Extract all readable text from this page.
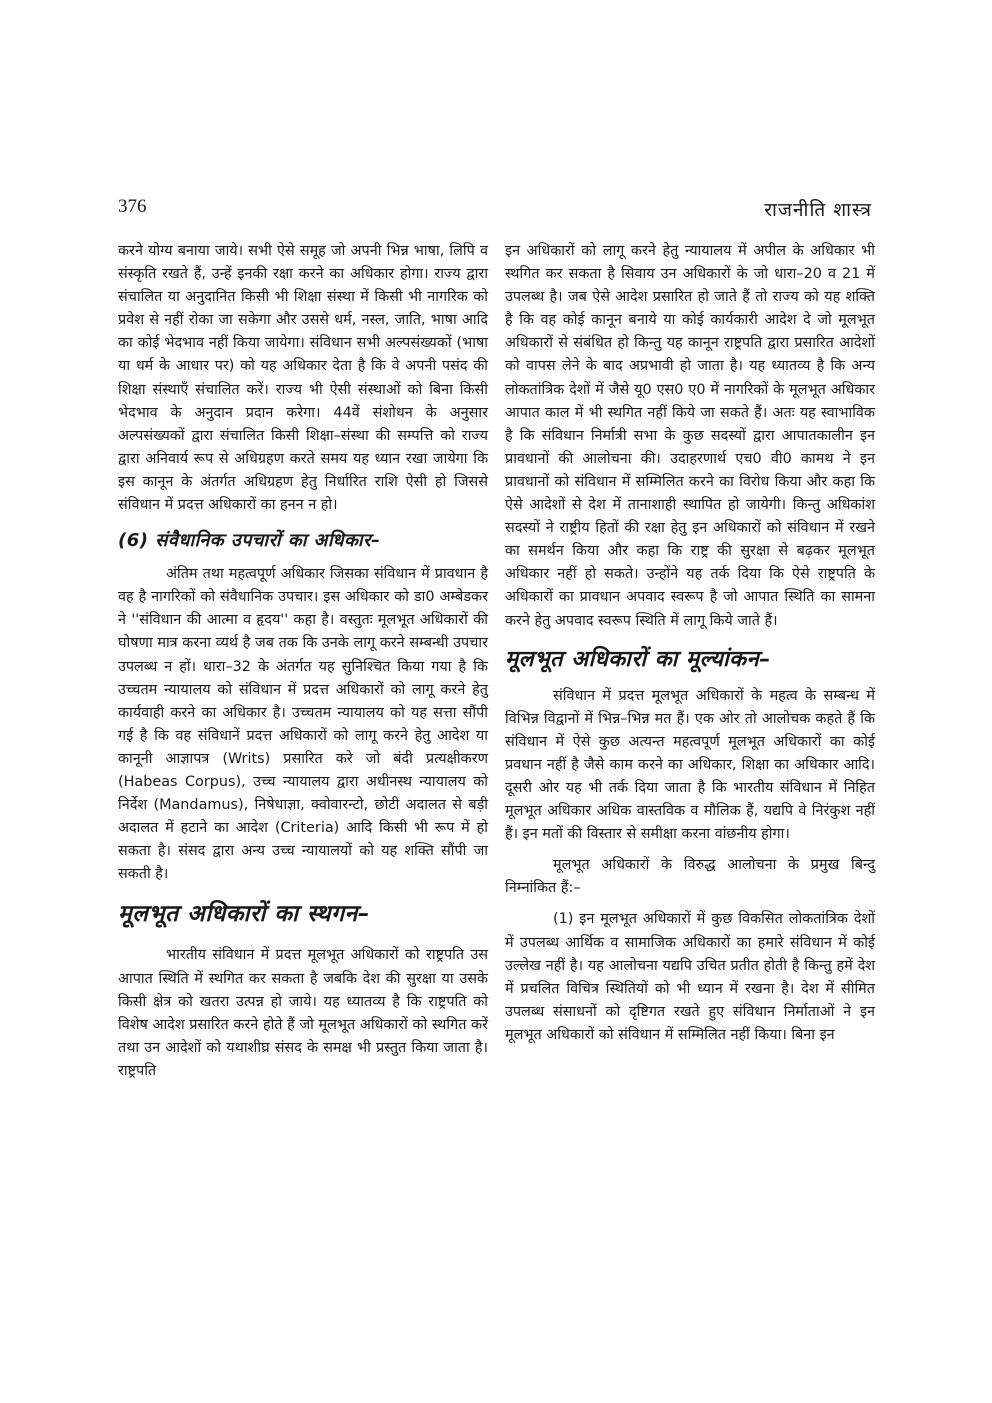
376	राजनीति शास्त्र

करने योग्य बनाया जाये। सभी ऐसे समूह जो अपनी भिन्न भाषा, लिपि व संस्कृति रखते हैं, उन्हें इनकी रक्षा करने का अधिकार होगा। राज्य द्वारा संचालित या अनुदानित किसी भी शिक्षा संस्था में किसी भी नागरिक को प्रवेश से नहीं रोका जा सकेगा और उससे धर्म, नस्ल, जाति, भाषा आदि का कोई भेदभाव नहीं किया जायेगा। संविधान सभी अल्पसंख्यकों (भाषा या धर्म के आधार पर) को यह अधिकार देता है कि वे अपनी पसंद की शिक्षा संस्थाएँ संचालित करें। राज्य भी ऐसी संस्थाओं को बिना किसी भेदभाव के अनुदान प्रदान करेगा। 44वें संशोधन के अनुसार अल्पसंख्यकों द्वारा संचालित किसी शिक्षा–संस्था की सम्पत्ति को राज्य द्वारा अनिवार्य रूप से अधिग्रहण करते समय यह ध्यान रखा जायेगा कि इस कानून के अंतर्गत अधिग्रहण हेतु निर्धारित राशि ऐसी हो जिससे संविधान में प्रदत्त अधिकारों का हनन न हो।

(6) संवैधानिक उपचारों का अधिकार–

अंतिम तथा महत्वपूर्ण अधिकार जिसका संविधान में प्रावधान है वह है नागरिकों को संवैधानिक उपचार। इस अधिकार को डा0 अम्बेडकर ने ''संविधान की आत्मा व हृदय'' कहा है। वस्तुतः मूलभूत अधिकारों की घोषणा मात्र करना व्यर्थ है जब तक कि उनके लागू करने सम्बन्धी उपचार उपलब्ध न हों। धारा–32 के अंतर्गत यह सुनिश्चित किया गया है कि उच्चतम न्यायालय को संविधान में प्रदत्त अधिकारों को लागू करने हेतु कार्यवाही करने का अधिकार है। उच्चतम न्यायालय को यह सत्ता सौंपी गई है कि वह संविधानें प्रदत्त अधिकारों को लागू करने हेतु आदेश या कानूनी आज्ञापत्र (Writs) प्रसारित करे जो बंदी प्रत्यक्षीकरण (Habeas Corpus), उच्च न्यायालय द्वारा अधीनस्थ न्यायालय को निर्देश (Mandamus), निषेधाज्ञा, क्वोवारन्टो, छोटी अदालत से बड़ी अदालत में हटाने का आदेश (Criteria) आदि किसी भी रूप में हो सकता है। संसद द्वारा अन्य उच्च न्यायालयों को यह शक्ति सौंपी जा सकती है।

मूलभूत अधिकारों का स्थगन–

भारतीय संविधान में प्रदत्त मूलभूत अधिकारों को राष्ट्रपति उस आपात स्थिति में स्थगित कर सकता है जबकि देश की सुरक्षा या उसके किसी क्षेत्र को खतरा उत्पन्न हो जाये। यह ध्यातव्य है कि राष्ट्रपति को विशेष आदेश प्रसारित करने होते हैं जो मूलभूत अधिकारों को स्थगित करें तथा उन आदेशों को यथाशीघ्र संसद के समक्ष भी प्रस्तुत किया जाता है। राष्ट्रपति

इन अधिकारों को लागू करने हेतु न्यायालय में अपील के अधिकार भी स्थगित कर सकता है सिवाय उन अधिकारों के जो धारा–20 व 21 में उपलब्ध है। जब ऐसे आदेश प्रसारित हो जाते हैं तो राज्य को यह शक्ति है कि वह कोई कानून बनाये या कोई कार्यकारी आदेश दे जो मूलभूत अधिकारों से संबंधित हो किन्तु यह कानून राष्ट्रपति द्वारा प्रसारित आदेशों को वापस लेने के बाद अप्रभावी हो जाता है। यह ध्यातव्य है कि अन्य लोकतांत्रिक देशों में जैसे यू0 एस0 ए0 में नागरिकों के मूलभूत अधिकार आपात काल में भी स्थगित नहीं किये जा सकते हैं। अतः यह स्वाभाविक है कि संविधान निर्मात्री सभा के कुछ सदस्यों द्वारा आपातकालीन इन प्रावधानों की आलोचना की। उदाहरणार्थ एच0 वी0 कामथ ने इन प्रावधानों को संविधान में सम्मिलित करने का विरोध किया और कहा कि ऐसे आदेशों से देश में तानाशाही स्थापित हो जायेगी। किन्तु अधिकांश सदस्यों ने राष्ट्रीय हितों की रक्षा हेतु इन अधिकारों को संविधान में रखने का समर्थन किया और कहा कि राष्ट्र की सुरक्षा से बढ़कर मूलभूत अधिकार नहीं हो सकते। उन्होंने यह तर्क दिया कि ऐसे राष्ट्रपति के अधिकारों का प्रावधान अपवाद स्वरूप है जो आपात स्थिति का सामना करने हेतु अपवाद स्वरूप स्थिति में लागू किये जाते हैं।

मूलभूत अधिकारों का मूल्यांकन–

संविधान में प्रदत्त मूलभूत अधिकारों के महत्व के सम्बन्ध में विभिन्न विद्वानों में भिन्न–भिन्न मत हैं। एक ओर तो आलोचक कहते हैं कि संविधान में ऐसे कुछ अत्यन्त महत्वपूर्ण मूलभूत अधिकारों का कोई प्रवधान नहीं है जैसे काम करने का अधिकार, शिक्षा का अधिकार आदि। दूसरी ओर यह भी तर्क दिया जाता है कि भारतीय संविधान में निहित मूलभूत अधिकार अधिक वास्तविक व मौलिक हैं, यद्यपि वे निरंकुश नहीं हैं। इन मतों की विस्तार से समीक्षा करना वांछनीय होगा।

मूलभूत अधिकारों के विरुद्ध आलोचना के प्रमुख बिन्दु निम्नांकित हैं:–

(1) इन मूलभूत अधिकारों में कुछ विकसित लोकतांत्रिक देशों में उपलब्ध आर्थिक व सामाजिक अधिकारों का हमारे संविधान में कोई उल्लेख नहीं है। यह आलोचना यद्यपि उचित प्रतीत होती है किन्तु हमें देश में प्रचलित विचित्र स्थितियों को भी ध्यान में रखना है। देश में सीमित उपलब्ध संसाधनों को दृष्टिगत रखते हुए संविधान निर्माताओं ने इन मूलभूत अधिकारों को संविधान में सम्मिलित नहीं किया। बिना इन
